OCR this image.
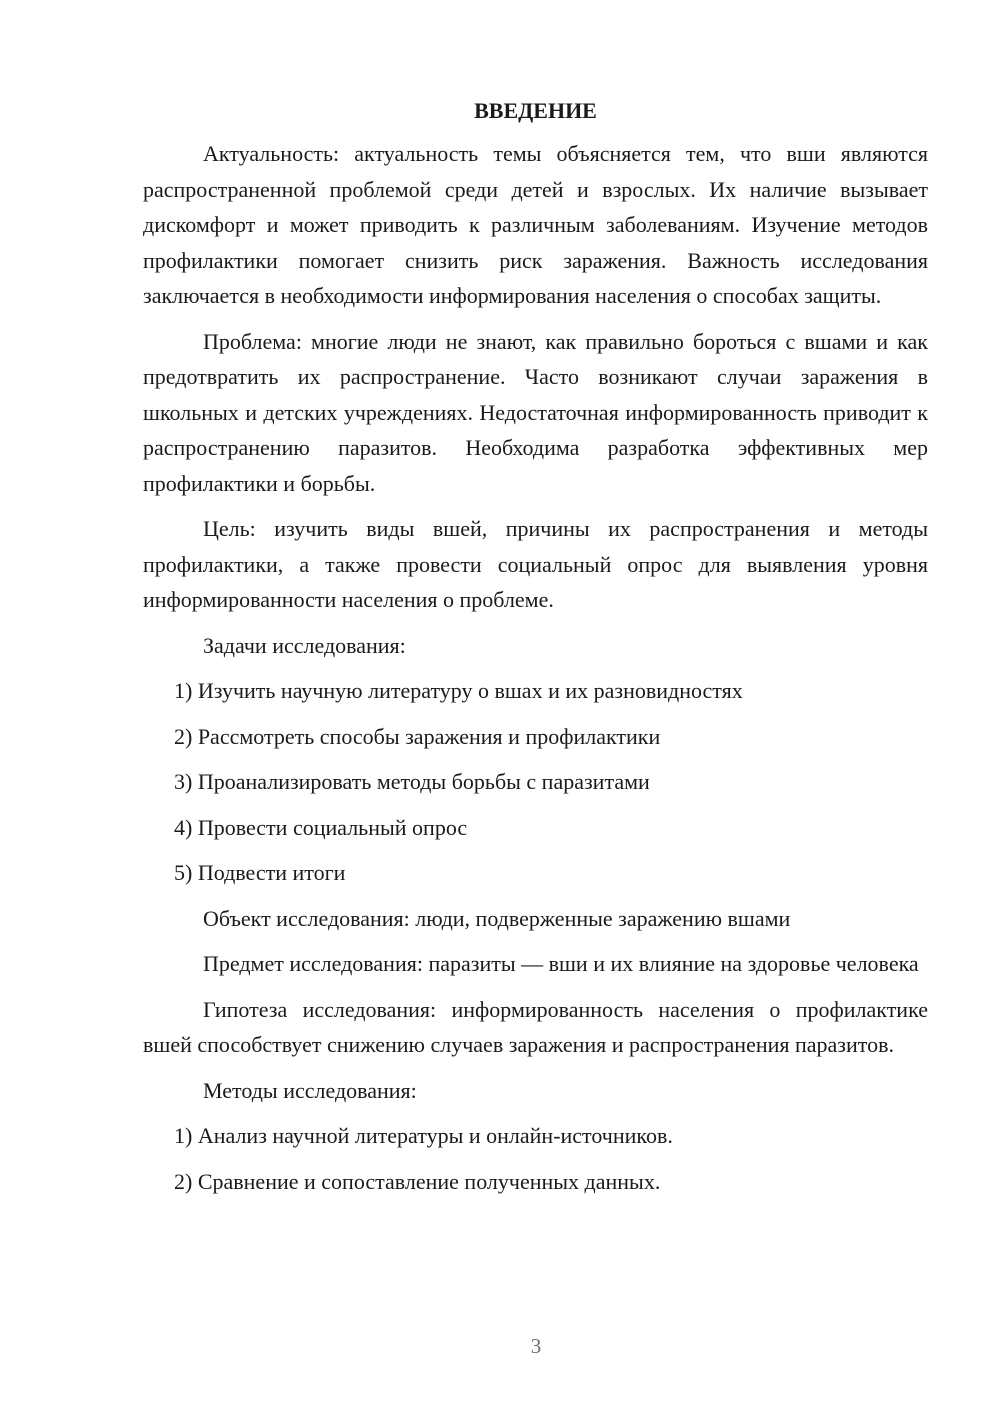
ВВЕДЕНИЕ

Актуальность: актуальность темы объясняется тем, что вши являются распространенной проблемой среди детей и взрослых. Их наличие вызывает дискомфорт и может приводить к различным заболеваниям. Изучение методов профилактики помогает снизить риск заражения. Важность исследования заключается в необходимости информирования населения о способах защиты.

Проблема: многие люди не знают, как правильно бороться с вшами и как предотвратить их распространение. Часто возникают случаи заражения в школьных и детских учреждениях. Недостаточная информированность приводит к распространению паразитов. Необходима разработка эффективных мер профилактики и борьбы.

Цель: изучить виды вшей, причины их распространения и методы профилактики, а также провести социальный опрос для выявления уровня информированности населения о проблеме.

Задачи исследования:
1) Изучить научную литературу о вшах и их разновидностях
2) Рассмотреть способы заражения и профилактики
3) Проанализировать методы борьбы с паразитами
4) Провести социальный опрос
5) Подвести итоги
Объект исследования: люди, подверженные заражению вшами

Предмет исследования: паразиты — вши и их влияние на здоровье человека

Гипотеза исследования: информированность населения о профилактике вшей способствует снижению случаев заражения и распространения паразитов.

Методы исследования:
1) Анализ научной литературы и онлайн-источников.
2) Сравнение и сопоставление полученных данных.
3
